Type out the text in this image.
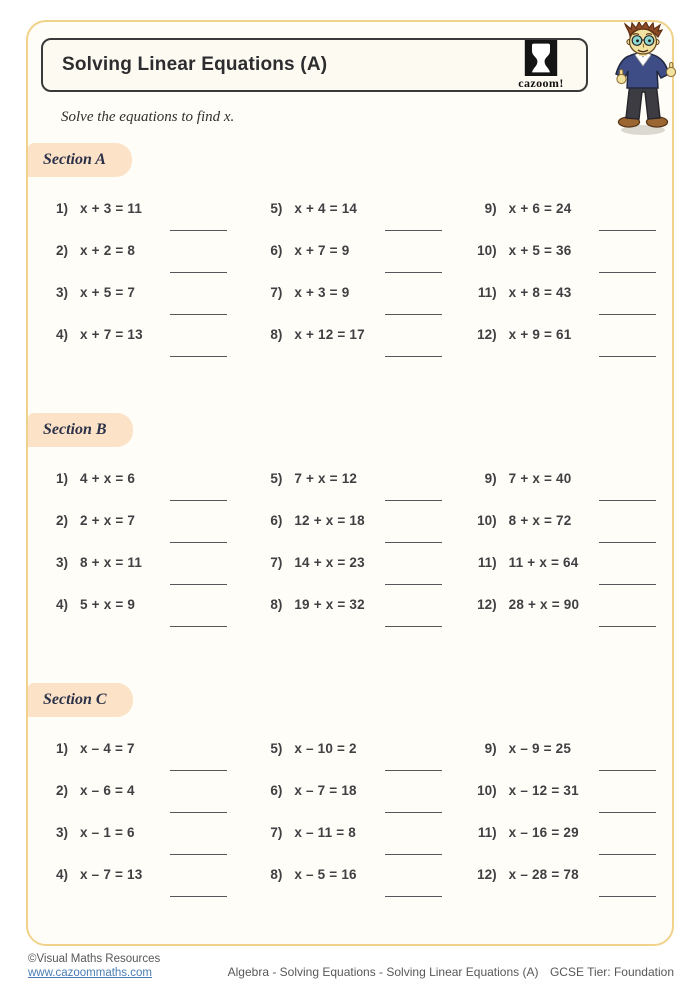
Solving Linear Equations (A)
cazoom!

Solve the equations to find x.

Section A
1) x + 3 = 11
2) x + 2 = 8
3) x + 5 = 7
4) x + 7 = 13
5) x + 4 = 14
6) x + 7 = 9
7) x + 3 = 9
8) x + 12 = 17
9) x + 6 = 24
10) x + 5 = 36
11) x + 8 = 43
12) x + 9 = 61
Section B
1) 4 + x = 6
2) 2 + x = 7
3) 8 + x = 11
4) 5 + x = 9
5) 7 + x = 12
6) 12 + x = 18
7) 14 + x = 23
8) 19 + x = 32
9) 7 + x = 40
10) 8 + x = 72
11) 11 + x = 64
12) 28 + x = 90
Section C
1) x – 4 = 7
2) x – 6 = 4
3) x – 1 = 6
4) x – 7 = 13
5) x – 10 = 2
6) x – 7 = 18
7) x – 11 = 8
8) x – 5 = 16
9) x – 9 = 25
10) x – 12 = 31
11) x – 16 = 29
12) x – 28 = 78
©Visual Maths Resources
www.cazoommaths.com	Algebra - Solving Equations - Solving Linear Equations (A) GCSE Tier: Foundation
